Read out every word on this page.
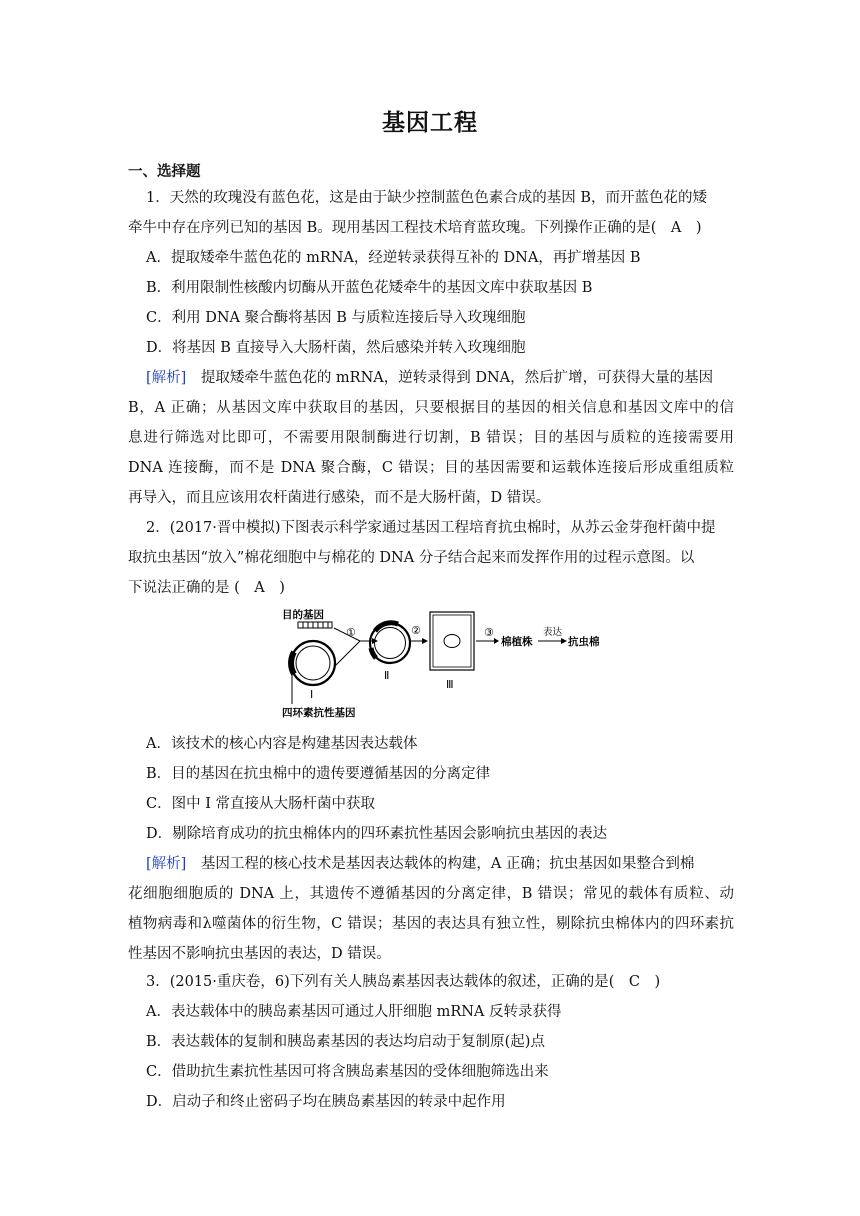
基因工程
一、选择题
1．天然的玫瑰没有蓝色花，这是由于缺少控制蓝色色素合成的基因 B，而开蓝色花的矮
牵牛中存在序列已知的基因 B。现用基因工程技术培育蓝玫瑰。下列操作正确的是(　A　)
A．提取矮牵牛蓝色花的 mRNA，经逆转录获得互补的 DNA，再扩增基因 B
B．利用限制性核酸内切酶从开蓝色花矮牵牛的基因文库中获取基因 B
C．利用 DNA 聚合酶将基因 B 与质粒连接后导入玫瑰细胞
D．将基因 B 直接导入大肠杆菌，然后感染并转入玫瑰细胞
[解析]　提取矮牵牛蓝色花的 mRNA，逆转录得到 DNA，然后扩增，可获得大量的基因
B，A 正确；从基因文库中获取目的基因，只要根据目的基因的相关信息和基因文库中的信
息进行筛选对比即可，不需要用限制酶进行切割，B 错误；目的基因与质粒的连接需要用
DNA 连接酶，而不是 DNA 聚合酶，C 错误；目的基因需要和运载体连接后形成重组质粒
再导入，而且应该用农杆菌进行感染，而不是大肠杆菌，D 错误。
2．(2017·晋中模拟)下图表示科学家通过基因工程培育抗虫棉时，从苏云金芽孢杆菌中提
取抗虫基因“放入”棉花细胞中与棉花的 DNA 分子结合起来而发挥作用的过程示意图。以
下说法正确的是 (　A　)
目的基因
Ⅰ
四环素抗性基因
①
Ⅱ
②
Ⅲ
③
棉植株
表达
抗虫棉
A．该技术的核心内容是构建基因表达载体
B．目的基因在抗虫棉中的遗传要遵循基因的分离定律
C．图中 I 常直接从大肠杆菌中获取
D．剔除培育成功的抗虫棉体内的四环素抗性基因会影响抗虫基因的表达
[解析]　基因工程的核心技术是基因表达载体的构建，A 正确；抗虫基因如果整合到棉
花细胞细胞质的 DNA 上，其遗传不遵循基因的分离定律，B 错误；常见的载体有质粒、动
植物病毒和λ噬菌体的衍生物，C 错误；基因的表达具有独立性，剔除抗虫棉体内的四环素抗
性基因不影响抗虫基因的表达，D 错误。
3．(2015·重庆卷，6)下列有关人胰岛素基因表达载体的叙述，正确的是(　C　)
A．表达载体中的胰岛素基因可通过人肝细胞 mRNA 反转录获得
B．表达载体的复制和胰岛素基因的表达均启动于复制原(起)点
C．借助抗生素抗性基因可将含胰岛素基因的受体细胞筛选出来
D．启动子和终止密码子均在胰岛素基因的转录中起作用
